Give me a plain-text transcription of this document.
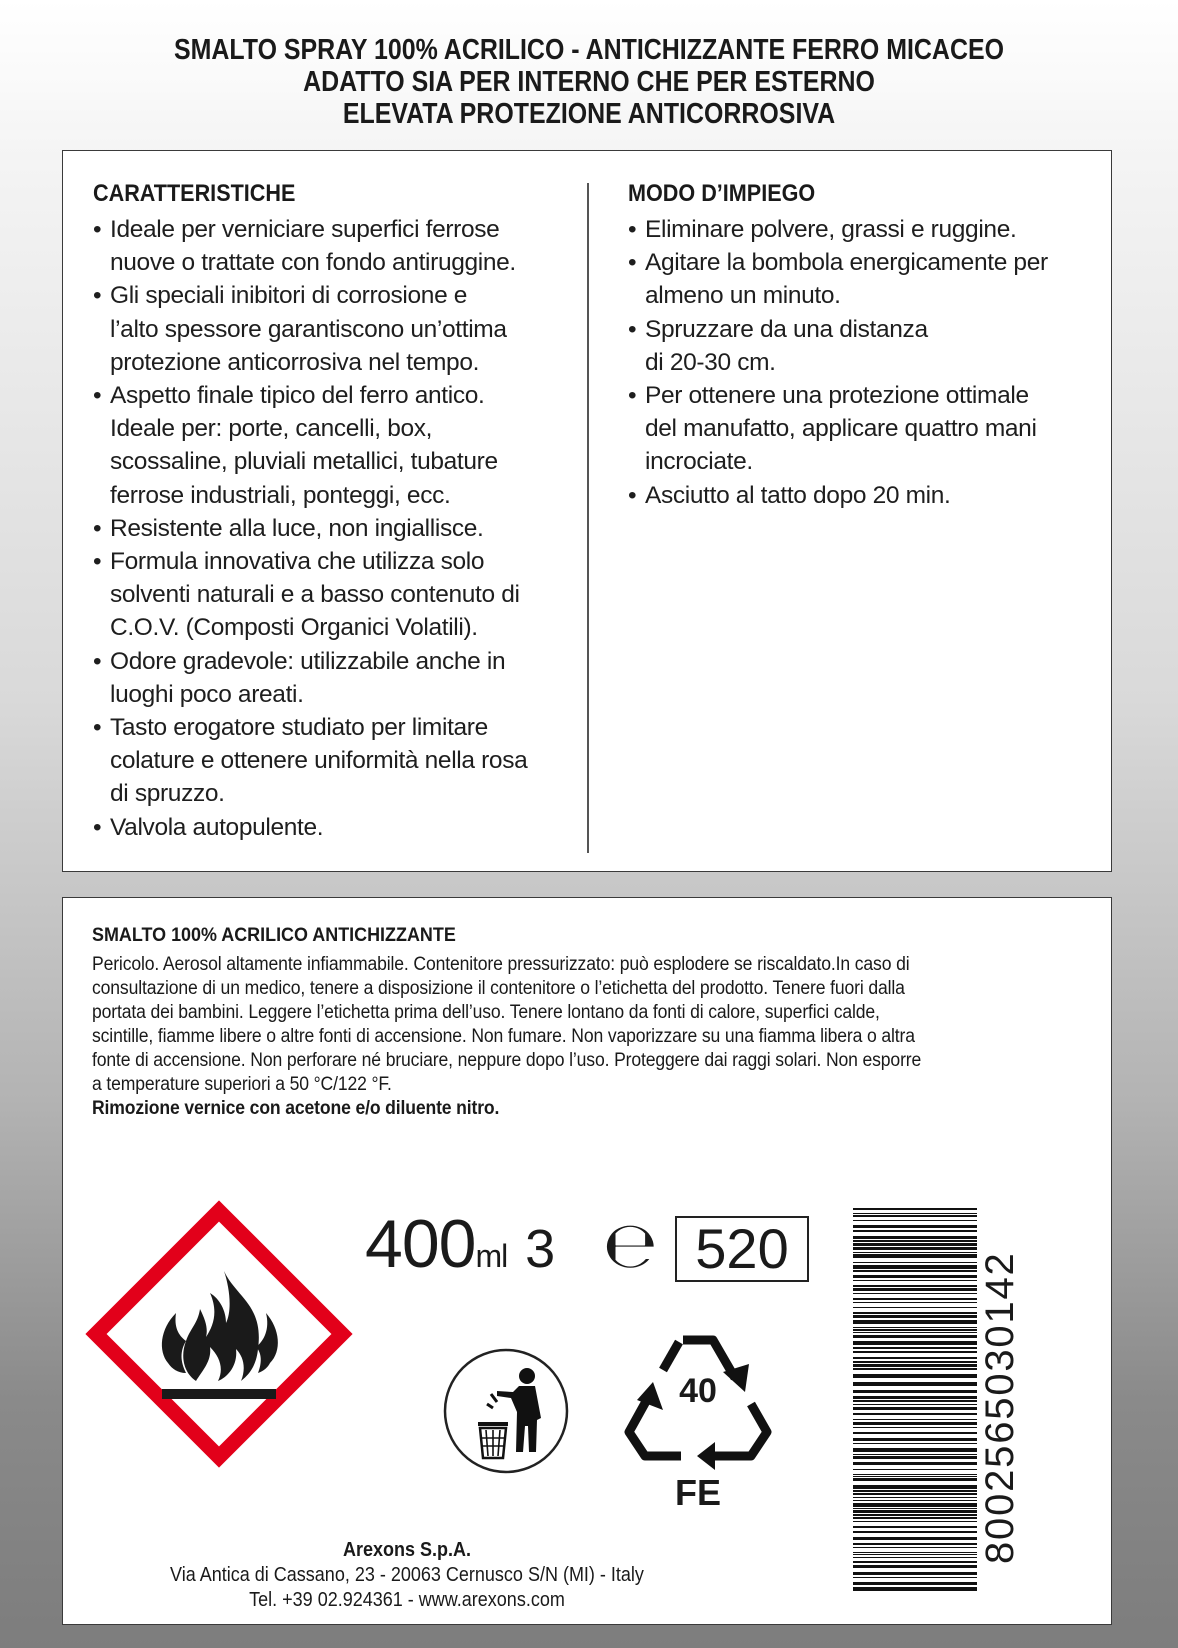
SMALTO SPRAY 100% ACRILICO - ANTICHIZZANTE FERRO MICACEO
ADATTO SIA PER INTERNO CHE PER ESTERNO
ELEVATA PROTEZIONE ANTICORROSIVA
CARATTERISTICHE
• Ideale per verniciare superfici ferrose
nuove o trattate con fondo antiruggine.
• Gli speciali inibitori di corrosione e
l’alto spessore garantiscono un’ottima
protezione anticorrosiva nel tempo.
• Aspetto finale tipico del ferro antico.
Ideale per: porte, cancelli, box,
scossaline, pluviali metallici, tubature
ferrose industriali, ponteggi, ecc.
• Resistente alla luce, non ingiallisce.
• Formula innovativa che utilizza solo
solventi naturali e a basso contenuto di
C.O.V. (Composti Organici Volatili).
• Odore gradevole: utilizzabile anche in
luoghi poco areati.
• Tasto erogatore studiato per limitare
colature e ottenere uniformità nella rosa
di spruzzo.
• Valvola autopulente.
MODO D’IMPIEGO
• Eliminare polvere, grassi e ruggine.
• Agitare la bombola energicamente per
almeno un minuto.
• Spruzzare da una distanza
di 20-30 cm.
• Per ottenere una protezione ottimale
del manufatto, applicare quattro mani
incrociate.
• Asciutto al tatto dopo 20 min.
SMALTO 100% ACRILICO ANTICHIZZANTE
Pericolo. Aerosol altamente infiammabile. Contenitore pressurizzato: può esplodere se riscaldato.In caso di
consultazione di un medico, tenere a disposizione il contenitore o l’etichetta del prodotto. Tenere fuori dalla
portata dei bambini. Leggere l’etichetta prima dell’uso. Tenere lontano da fonti di calore, superfici calde,
scintille, fiamme libere o altre fonti di accensione. Non fumare. Non vaporizzare su una fiamma libera o altra
fonte di accensione. Non perforare né bruciare, neppure dopo l’uso. Proteggere dai raggi solari. Non esporre
a temperature superiori a 50 °C/122 °F.
Rimozione vernice con acetone e/o diluente nitro.
400ml 3 ℮ 520
40
FE
Arexons S.p.A.
Via Antica di Cassano, 23 - 20063 Cernusco S/N (MI) - Italy
Tel. +39 02.924361 - www.arexons.com
8002565030142
